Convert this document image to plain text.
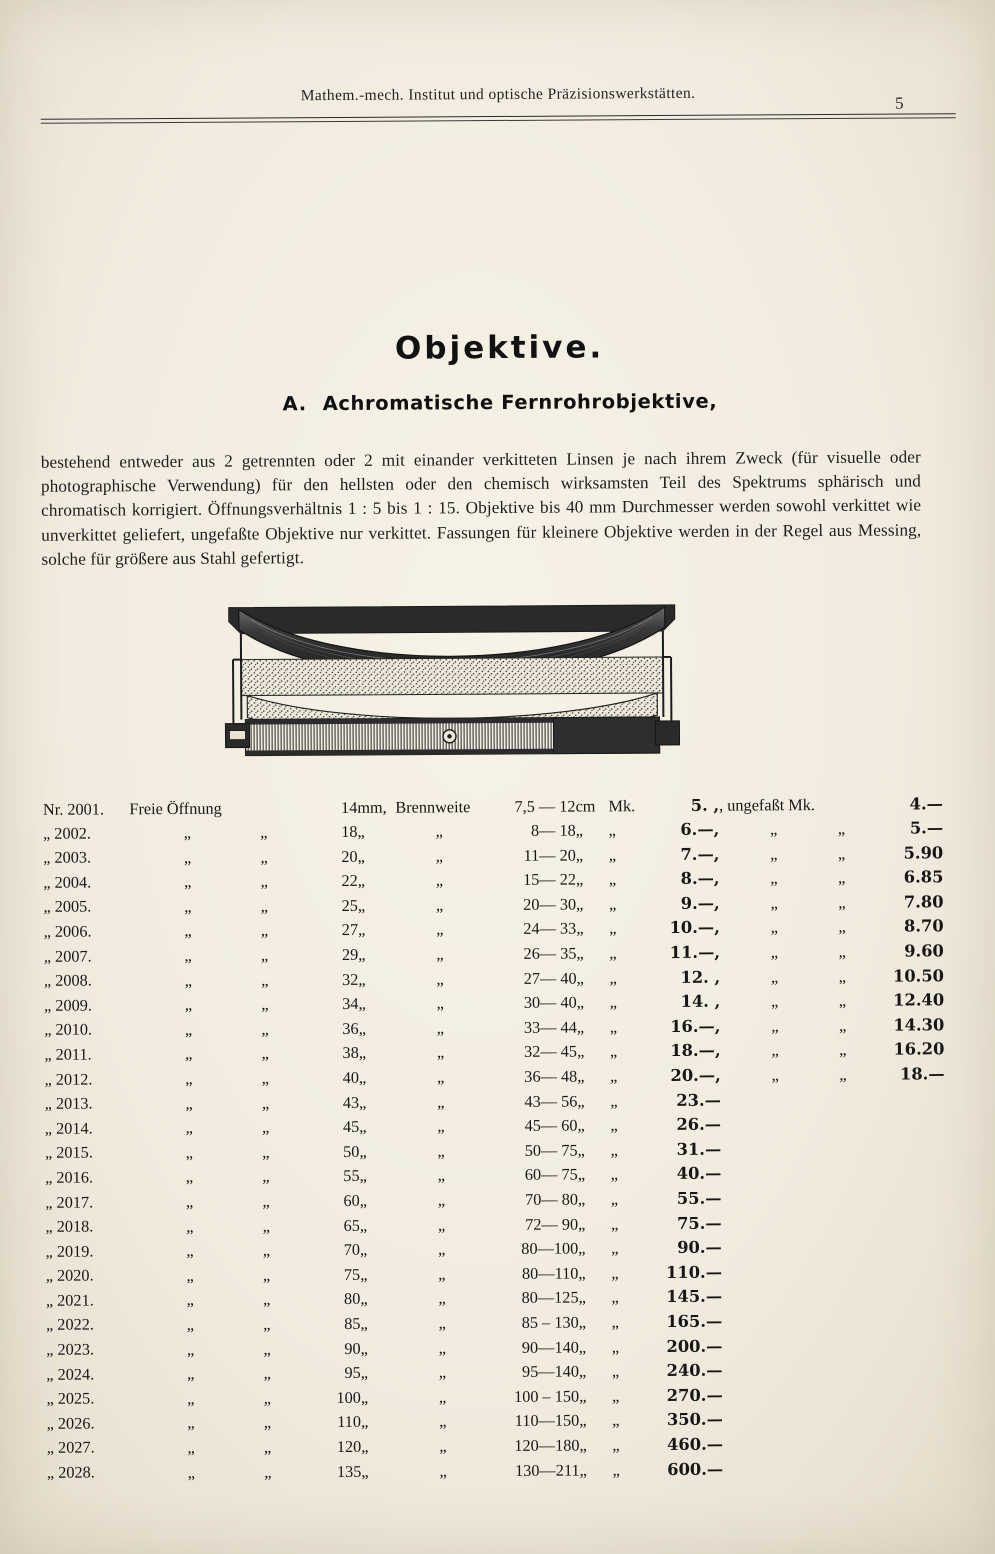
Mathem.-mech. Institut und optische Präzisionswerkstätten.	5
Objektive.
A. Achromatische Fernrohrobjektive,
bestehend entweder aus 2 getrennten oder 2 mit einander verkitteten Linsen je nach ihrem Zweck (für visuelle oder photographische Verwendung) für den hellsten oder den chemisch wirksamsten Teil des Spektrums sphärisch und chromatisch korrigiert. Öffnungsverhältnis 1 : 5 bis 1 : 15. Objektive bis 40 mm Durchmesser werden sowohl verkittet wie unverkittet geliefert, ungefaßte Objektive nur verkittet. Fassungen für kleinere Objektive werden in der Regel aus Messing, solche für größere aus Stahl gefertigt.
Nr. 2001.	Freie Öffnung			14	mm,	Brennweite	7,5 — 12	cm	Mk.	5. ,	, ungefaßt Mk.			4.—
„ 2002.	„	„		18	„	„	8— 18	„	„	6.—,	„	„		5.—
„ 2003.	„	„		20	„	„	11— 20	„	„	7.—,	„	„		5.90
„ 2004.	„	„		22	„	„	15— 22	„	„	8.—,	„	„		6.85
„ 2005.	„	„		25	„	„	20— 30	„	„	9.—,	„	„		7.80
„ 2006.	„	„		27	„	„	24— 33	„	„	10.—,	„	„		8.70
„ 2007.	„	„		29	„	„	26— 35	„	„	11.—,	„	„		9.60
„ 2008.	„	„		32	„	„	27— 40	„	„	12. ,	„	„		10.50
„ 2009.	„	„		34	„	„	30— 40	„	„	14. ,	„	„		12.40
„ 2010.	„	„		36	„	„	33— 44	„	„	16.—,	„	„		14.30
„ 2011.	„	„		38	„	„	32— 45	„	„	18.—,	„	„		16.20
„ 2012.	„	„		40	„	„	36— 48	„	„	20.—,	„	„		18.—
„ 2013.	„	„		43	„	„	43— 56	„	„	23.—				
„ 2014.	„	„		45	„	„	45— 60	„	„	26.—				
„ 2015.	„	„		50	„	„	50— 75	„	„	31.—				
„ 2016.	„	„		55	„	„	60— 75	„	„	40.—				
„ 2017.	„	„		60	„	„	70— 80	„	„	55.—				
„ 2018.	„	„		65	„	„	72— 90	„	„	75.—				
„ 2019.	„	„		70	„	„	80—100	„	„	90.—				
„ 2020.	„	„		75	„	„	80—110	„	„	110.—				
„ 2021.	„	„		80	„	„	80—125	„	„	145.—				
„ 2022.	„	„		85	„	„	85 – 130	„	„	165.—				
„ 2023.	„	„		90	„	„	90—140	„	„	200.—				
„ 2024.	„	„		95	„	„	95—140	„	„	240.—				
„ 2025.	„	„		100	„	„	100 – 150	„	„	270.—				
„ 2026.	„	„		110	„	„	110—150	„	„	350.—				
„ 2027.	„	„		120	„	„	120—180	„	„	460.—				
„ 2028.	„	„		135	„	„	130—211	„	„	600.—				
